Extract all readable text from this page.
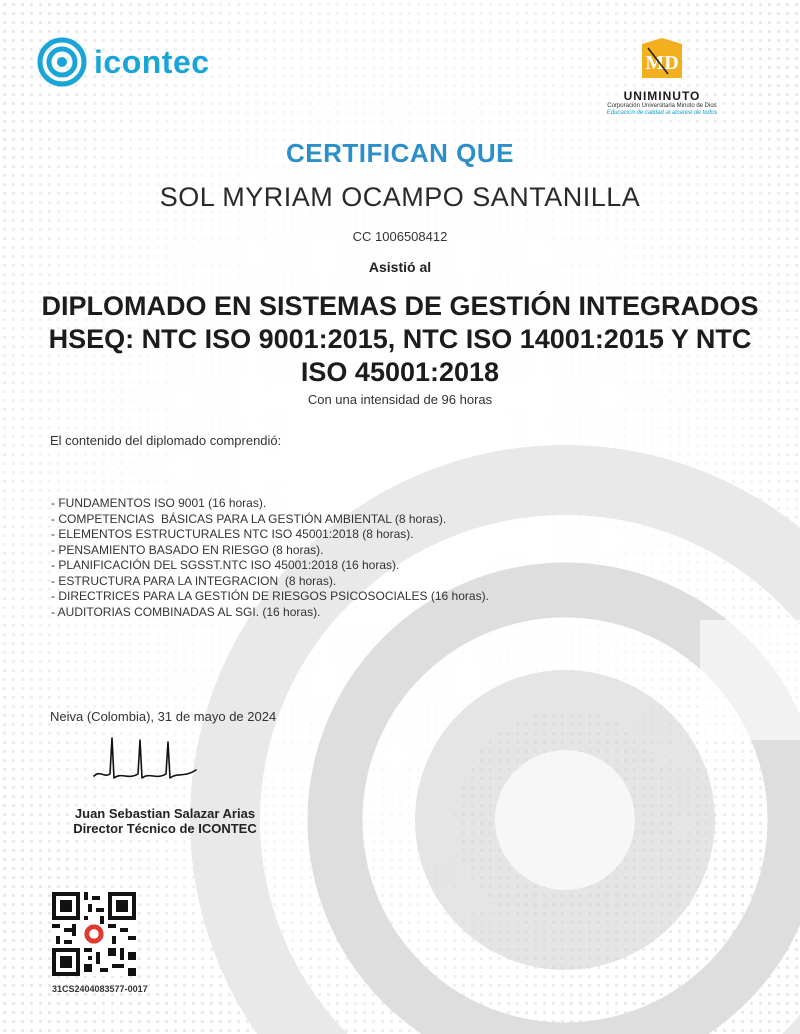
icontec	MD
UNIMINUTO
Corporación Universitaria Minuto de Dios
Educación de calidad al alcance de todos
CERTIFICAN QUE
SOL MYRIAM OCAMPO SANTANILLA
CC 1006508412
Asistió al
DIPLOMADO EN SISTEMAS DE GESTIÓN INTEGRADOS HSEQ: NTC ISO 9001:2015, NTC ISO 14001:2015 Y NTC ISO 45001:2018
Con una intensidad de 96 horas
El contenido del diplomado comprendió:
- FUNDAMENTOS ISO 9001 (16 horas).
- COMPETENCIAS  BÁSICAS PARA LA GESTIÓN AMBIENTAL (8 horas).
- ELEMENTOS ESTRUCTURALES NTC ISO 45001:2018 (8 horas).
- PENSAMIENTO BASADO EN RIESGO (8 horas).
- PLANIFICACIÓN DEL SGSST.NTC ISO 45001:2018 (16 horas).
- ESTRUCTURA PARA LA INTEGRACION  (8 horas).
- DIRECTRICES PARA LA GESTIÓN DE RIESGOS PSICOSOCIALES (16 horas).
- AUDITORIAS COMBINADAS AL SGI. (16 horas).
Neiva (Colombia), 31 de mayo de 2024
Juan Sebastian Salazar Arias
Director Técnico de ICONTEC
31CS2404083577-0017
